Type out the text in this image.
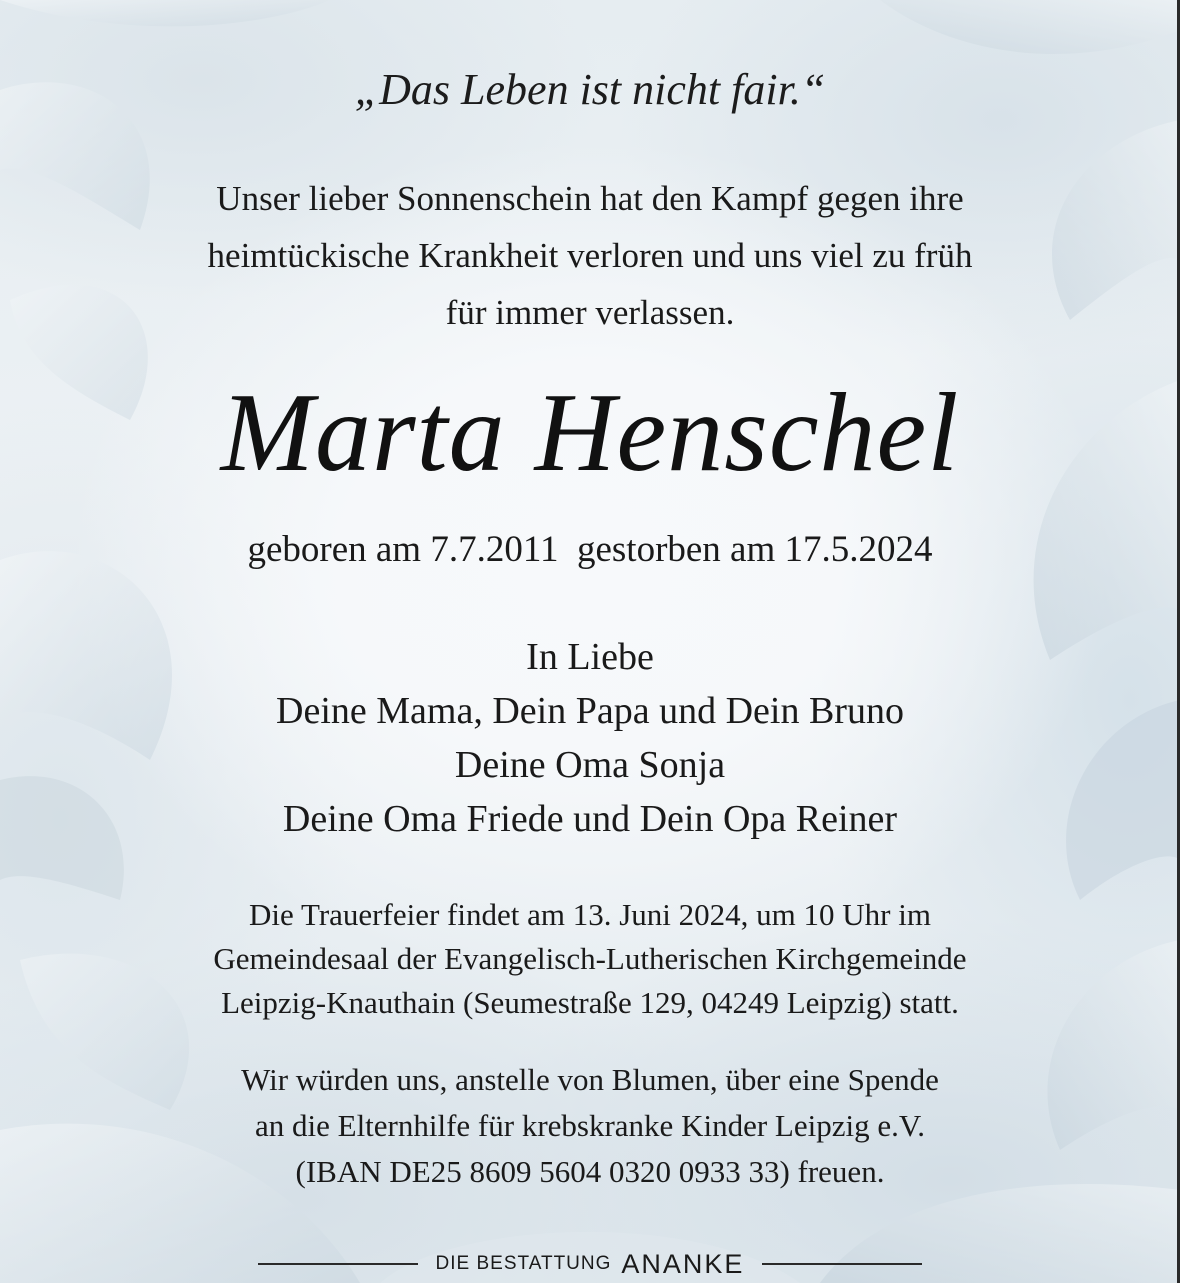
„Das Leben ist nicht fair.“
Unser lieber Sonnenschein hat den Kampf gegen ihre
heimtückische Krankheit verloren und uns viel zu früh
für immer verlassen.
Marta Henschel
geboren am 7.7.2011  gestorben am 17.5.2024
In Liebe
Deine Mama, Dein Papa und Dein Bruno
Deine Oma Sonja
Deine Oma Friede und Dein Opa Reiner
Die Trauerfeier findet am 13. Juni 2024, um 10 Uhr im
Gemeindesaal der Evangelisch-Lutherischen Kirchgemeinde
Leipzig-Knauthain (Seumestraße 129, 04249 Leipzig) statt.
Wir würden uns, anstelle von Blumen, über eine Spende
an die Elternhilfe für krebskranke Kinder Leipzig e.V.
(IBAN DE25 8609 5604 0320 0933 33) freuen.
DIE BESTATTUNG ANANKE
